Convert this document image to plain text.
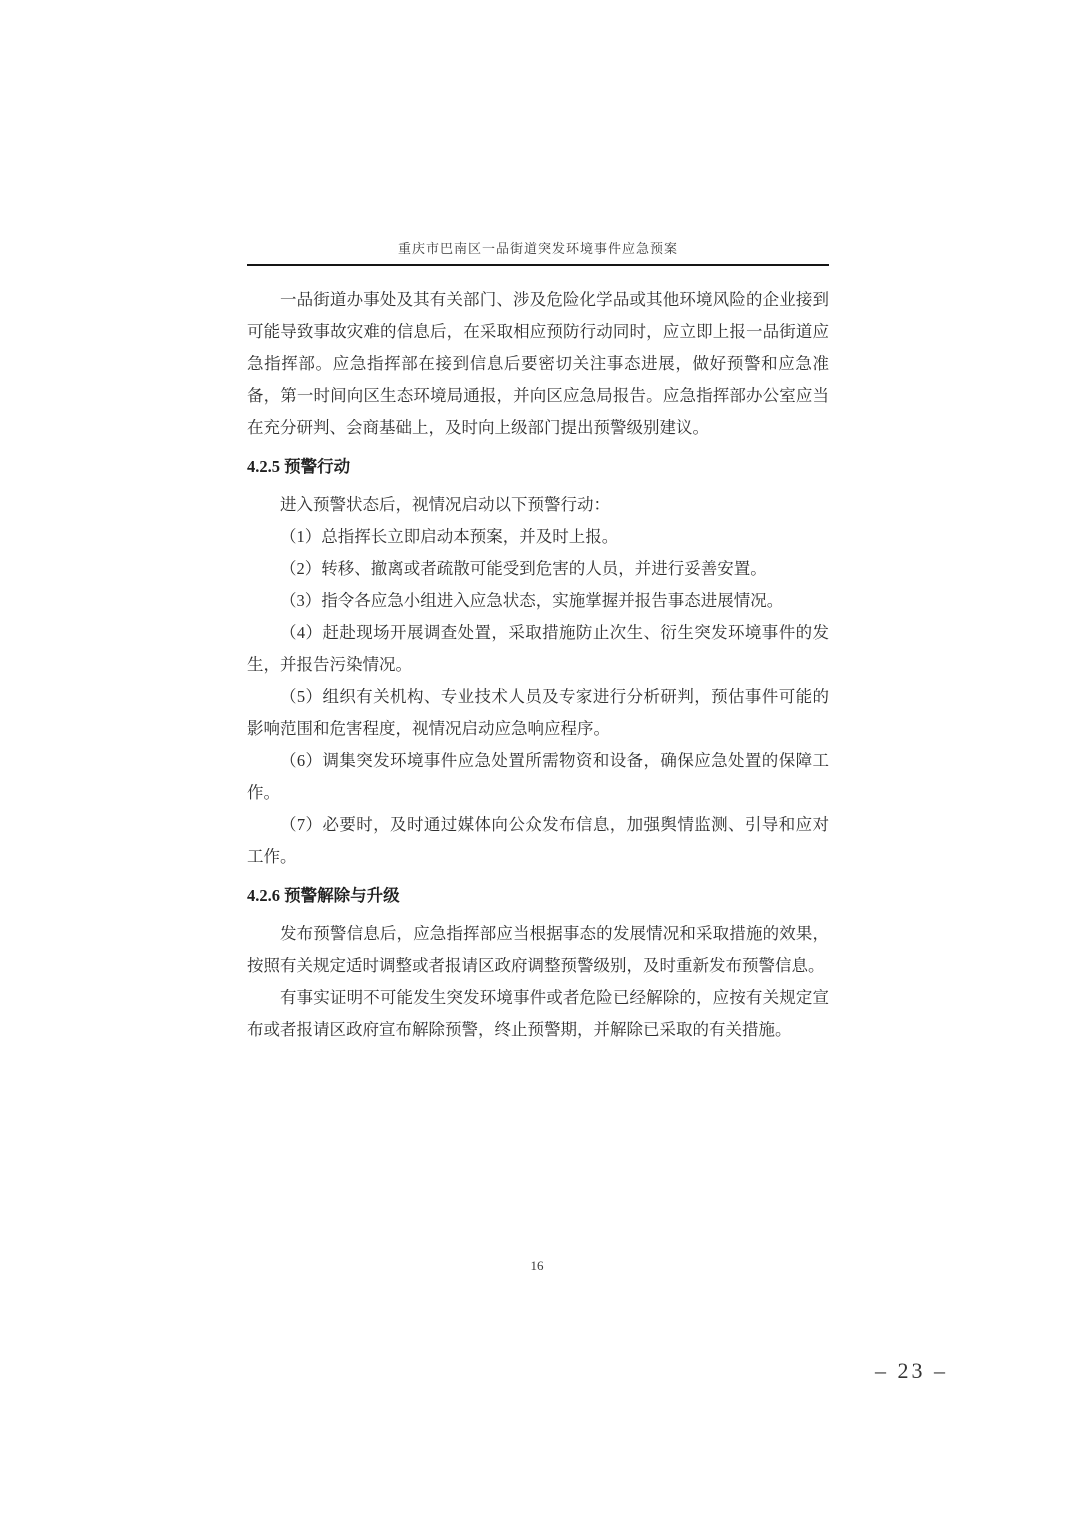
重庆市巴南区一品街道突发环境事件应急预案

一品街道办事处及其有关部门、涉及危险化学品或其他环境风险的企业接到可能导致事故灾难的信息后，在采取相应预防行动同时，应立即上报一品街道应急指挥部。应急指挥部在接到信息后要密切关注事态进展，做好预警和应急准备，第一时间向区生态环境局通报，并向区应急局报告。应急指挥部办公室应当在充分研判、会商基础上，及时向上级部门提出预警级别建议。

4.2.5 预警行动

进入预警状态后，视情况启动以下预警行动：

（1）总指挥长立即启动本预案，并及时上报。

（2）转移、撤离或者疏散可能受到危害的人员，并进行妥善安置。

（3）指令各应急小组进入应急状态，实施掌握并报告事态进展情况。

（4）赶赴现场开展调查处置，采取措施防止次生、衍生突发环境事件的发生，并报告污染情况。

（5）组织有关机构、专业技术人员及专家进行分析研判，预估事件可能的影响范围和危害程度，视情况启动应急响应程序。

（6）调集突发环境事件应急处置所需物资和设备，确保应急处置的保障工作。

（7）必要时，及时通过媒体向公众发布信息，加强舆情监测、引导和应对工作。

4.2.6 预警解除与升级

发布预警信息后，应急指挥部应当根据事态的发展情况和采取措施的效果，按照有关规定适时调整或者报请区政府调整预警级别，及时重新发布预警信息。

有事实证明不可能发生突发环境事件或者危险已经解除的，应按有关规定宣布或者报请区政府宣布解除预警，终止预警期，并解除已采取的有关措施。

16
– 23 –
